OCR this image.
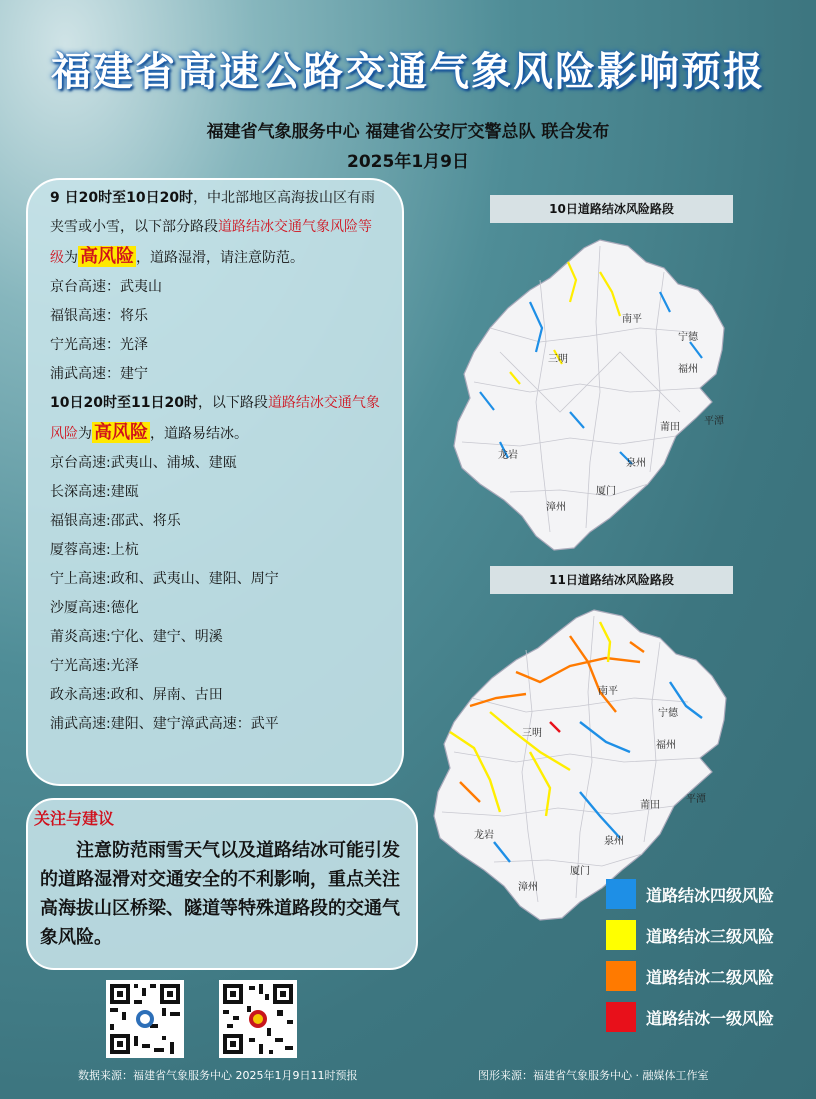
福建省高速公路交通气象风险影响预报
福建省气象服务中心 福建省公安厅交警总队 联合发布
2025年1月9日

9 日20时至10日20时，中北部地区高海拔山区有雨夹雪或小雪，以下部分路段道路结冰交通气象风险等级为 高风险 ，道路湿滑，请注意防范。

京台高速：武夷山

福银高速：将乐

宁光高速：光泽

浦武高速：建宁

10日20时至11日20时，以下路段道路结冰交通气象风险为 高风险 ，道路易结冰。

京台高速:武夷山、浦城、建瓯

长深高速:建瓯

福银高速:邵武、将乐

厦蓉高速:上杭

宁上高速:政和、武夷山、建阳、周宁

沙厦高速:德化

莆炎高速:宁化、建宁、明溪

宁光高速:光泽

政永高速:政和、屏南、古田

浦武高速:建阳、建宁漳武高速：武平

关注与建议
注意防范雨雪天气以及道路结冰可能引发的道路湿滑对交通安全的不利影响，重点关注高海拔山区桥梁、隧道等特殊道路段的交通气象风险。
10日道路结冰风险路段
南平
宁德
三明
福州
莆田
平潭
龙岩
泉州
厦门
漳州
11日道路结冰风险路段
南平
宁德
三明
福州
莆田
平潭
龙岩
泉州
厦门
漳州	道路结冰四级风险
道路结冰三级风险
道路结冰二级风险
道路结冰一级风险
数据来源：福建省气象服务中心 2025年1月9日11时预报	图形来源：福建省气象服务中心 · 融媒体工作室
